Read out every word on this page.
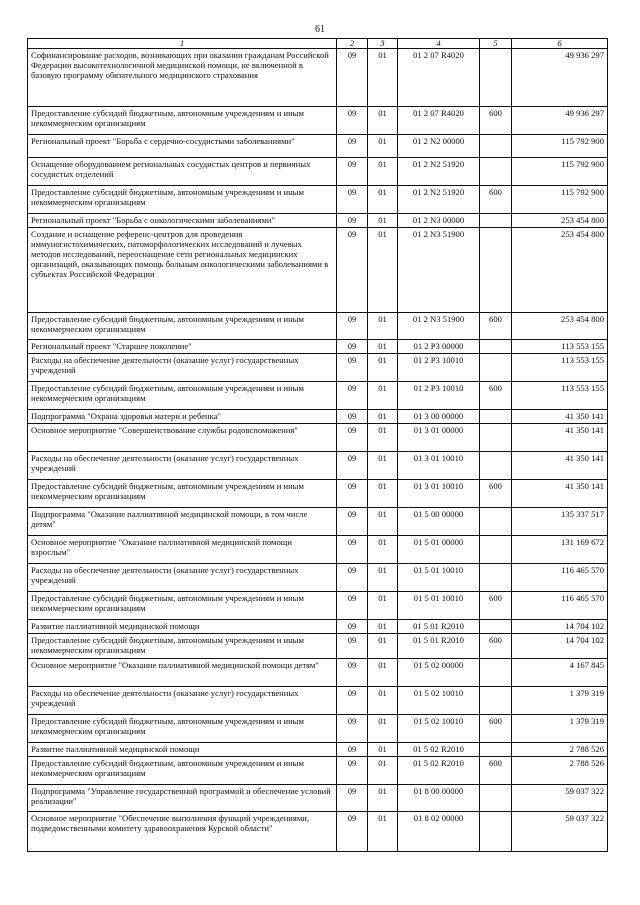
61
1	2	3	4	5	6
Софинансирование расходов, возникающих при оказании гражданам Российской Федерации высокотехнологичной медицинской помощи, не включенной в базовую программу обязательного медицинского страхования	09	01	01 2 07 R4020		49 936 297
Предоставление субсидий бюджетным, автономным учреждениям и иным некоммерческим организациям	09	01	01 2 07 R4020	600	49 936 297
Региональный проект "Борьба с сердечно-сосудистыми заболеваниями"	09	01	01 2 N2 00000		115 792 900
Оснащение оборудованием региональных сосудистых центров и первичных сосудистых отделений	09	01	01 2 N2 51920		115 792 900
Предоставление субсидий бюджетным, автономным учреждениям и иным некоммерческим организациям	09	01	01 2 N2 51920	600	115 792 900
Региональный проект "Борьба с онкологическими заболеваниями"	09	01	01 2 N3 00000		253 454 800
Создание и оснащение референс-центров для проведения иммуногистохимических, патоморфологических исследований и лучевых методов исследований, переоснащение сети региональных медицинских организаций, оказывающих помощь больным онкологическими заболеваниями в субъектах Российской Федерации	09	01	01 2 N3 51900		253 454 800
Предоставление субсидий бюджетным, автономным учреждениям и иным некоммерческим организациям	09	01	01 2 N3 51900	600	253 454 800
Региональный проект "Старшее поколение"	09	01	01 2 P3 00000		113 553 155
Расходы на обеспечение деятельности (оказание услуг) государственных учреждений	09	01	01 2 P3 10010		113 553 155
Предоставление субсидий бюджетным, автономным учреждениям и иным некоммерческим организациям	09	01	01 2 P3 10010	600	113 553 155
Подпрограмма "Охрана здоровья матери и ребенка"	09	01	01 3 00 00000		41 350 141
Основное мероприятие "Совершенствование службы родовспоможения"	09	01	01 3 01 00000		41 350 141
Расходы на обеспечение деятельности (оказание услуг) государственных учреждений	09	01	01 3 01 10010		41 350 141
Предоставление субсидий бюджетным, автономным учреждениям и иным некоммерческим организациям	09	01	01 3 01 10010	600	41 350 141
Подпрограмма "Оказание паллиативной медицинской помощи, в том числе детям"	09	01	01 5 00 00000		135 337 517
Основное мероприятие "Оказание паллиативной медицинской помощи взрослым"	09	01	01 5 01 00000		131 169 672
Расходы на обеспечение деятельности (оказание услуг) государственных учреждений	09	01	01 5 01 10010		116 465 570
Предоставление субсидий бюджетным, автономным учреждениям и иным некоммерческим организациям	09	01	01 5 01 10010	600	116 465 570
Развитие паллиативной медицинской помощи	09	01	01 5 01 R2010		14 704 102
Предоставление субсидий бюджетным, автономным учреждениям и иным некоммерческим организациям	09	01	01 5 01 R2010	600	14 704 102
Основное мероприятие "Оказание паллиативной медицинской помощи детям"	09	01	01 5 02 00000		4 167 845
Расходы на обеспечение деятельности (оказание услуг) государственных учреждений	09	01	01 5 02 10010		1 379 319
Предоставление субсидий бюджетным, автономным учреждениям и иным некоммерческим организациям	09	01	01 5 02 10010	600	1 379 319
Развитие паллиативной медицинской помощи	09	01	01 5 02 R2010		2 788 526
Предоставление субсидий бюджетным, автономным учреждениям и иным некоммерческим организациям	09	01	01 5 02 R2010	600	2 788 526
Подпрограмма "Управление государственной программой и обеспечение условий реализации"	09	01	01 8 00 00000		59 037 322
Основное мероприятие "Обеспечение выполнения функций учреждениями, подведомственными комитету здравоохранения Курской области"	09	01	01 8 02 00000		59 037 322
